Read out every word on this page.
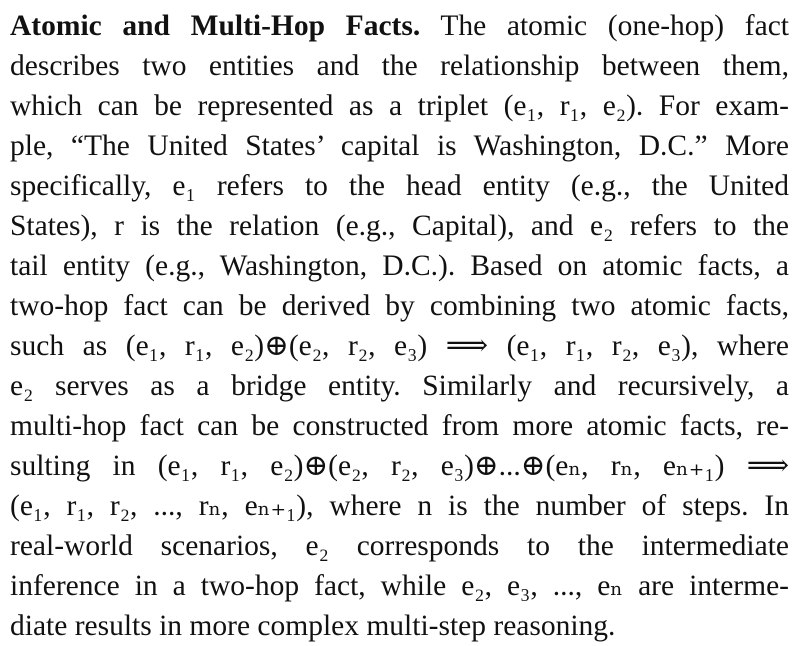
Atomic and Multi-Hop Facts. The atomic (one-hop) fact
describes two entities and the relationship between them,
which can be represented as a triplet (e₁, r₁, e₂). For exam-
ple, “The United States’ capital is Washington, D.C.” More
specifically, e₁ refers to the head entity (e.g., the United
States), r is the relation (e.g., Capital), and e₂ refers to the
tail entity (e.g., Washington, D.C.). Based on atomic facts, a
two-hop fact can be derived by combining two atomic facts,
such as (e₁, r₁, e₂)⊕(e₂, r₂, e₃) ⟹ (e₁, r₁, r₂, e₃), where
e₂ serves as a bridge entity. Similarly and recursively, a
multi-hop fact can be constructed from more atomic facts, re-
sulting in (e₁, r₁, e₂)⊕(e₂, r₂, e₃)⊕...⊕(eₙ, rₙ, eₙ₊₁) ⟹
(e₁, r₁, r₂, ..., rₙ, eₙ₊₁), where n is the number of steps. In
real-world scenarios, e₂ corresponds to the intermediate
inference in a two-hop fact, while e₂, e₃, ..., eₙ are interme-
diate results in more complex multi-step reasoning.
